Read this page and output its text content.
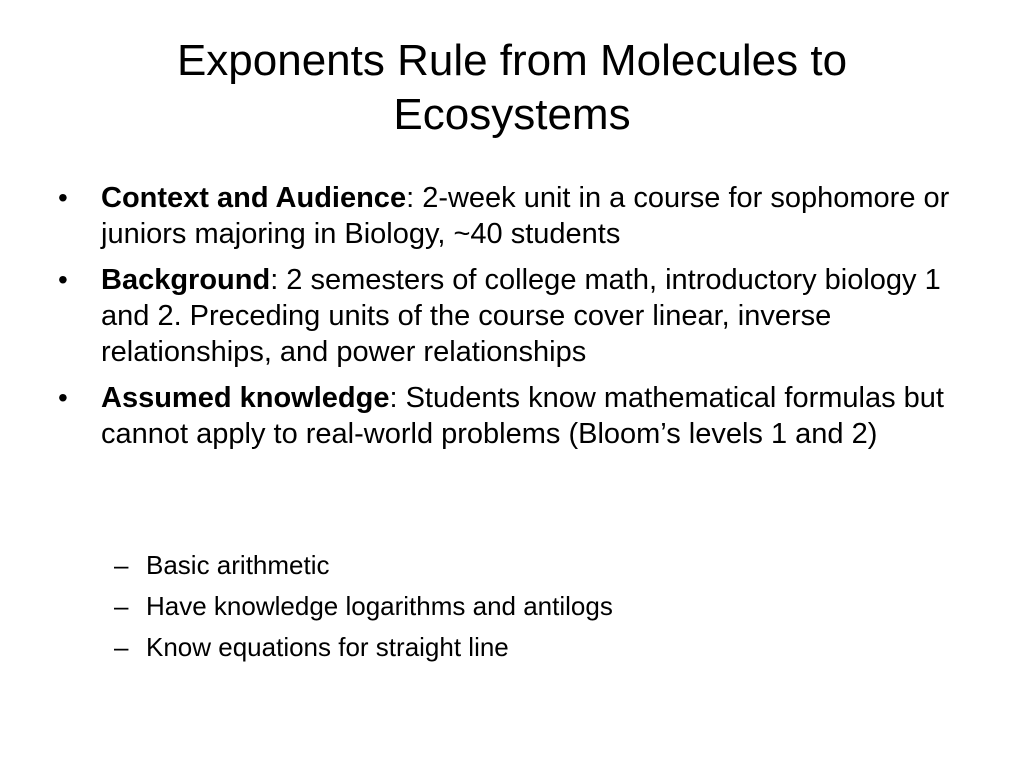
Exponents Rule from Molecules to Ecosystems
• Context and Audience: 2-week unit in a course for sophomore or juniors majoring in Biology, ~40 students
• Background: 2 semesters of college math, introductory biology 1 and 2. Preceding units of the course cover linear, inverse relationships, and power relationships
• Assumed knowledge: Students know mathematical formulas but cannot apply to real-world problems (Bloom’s levels 1 and 2)
– Basic arithmetic
– Have knowledge logarithms and antilogs
– Know equations for straight line
